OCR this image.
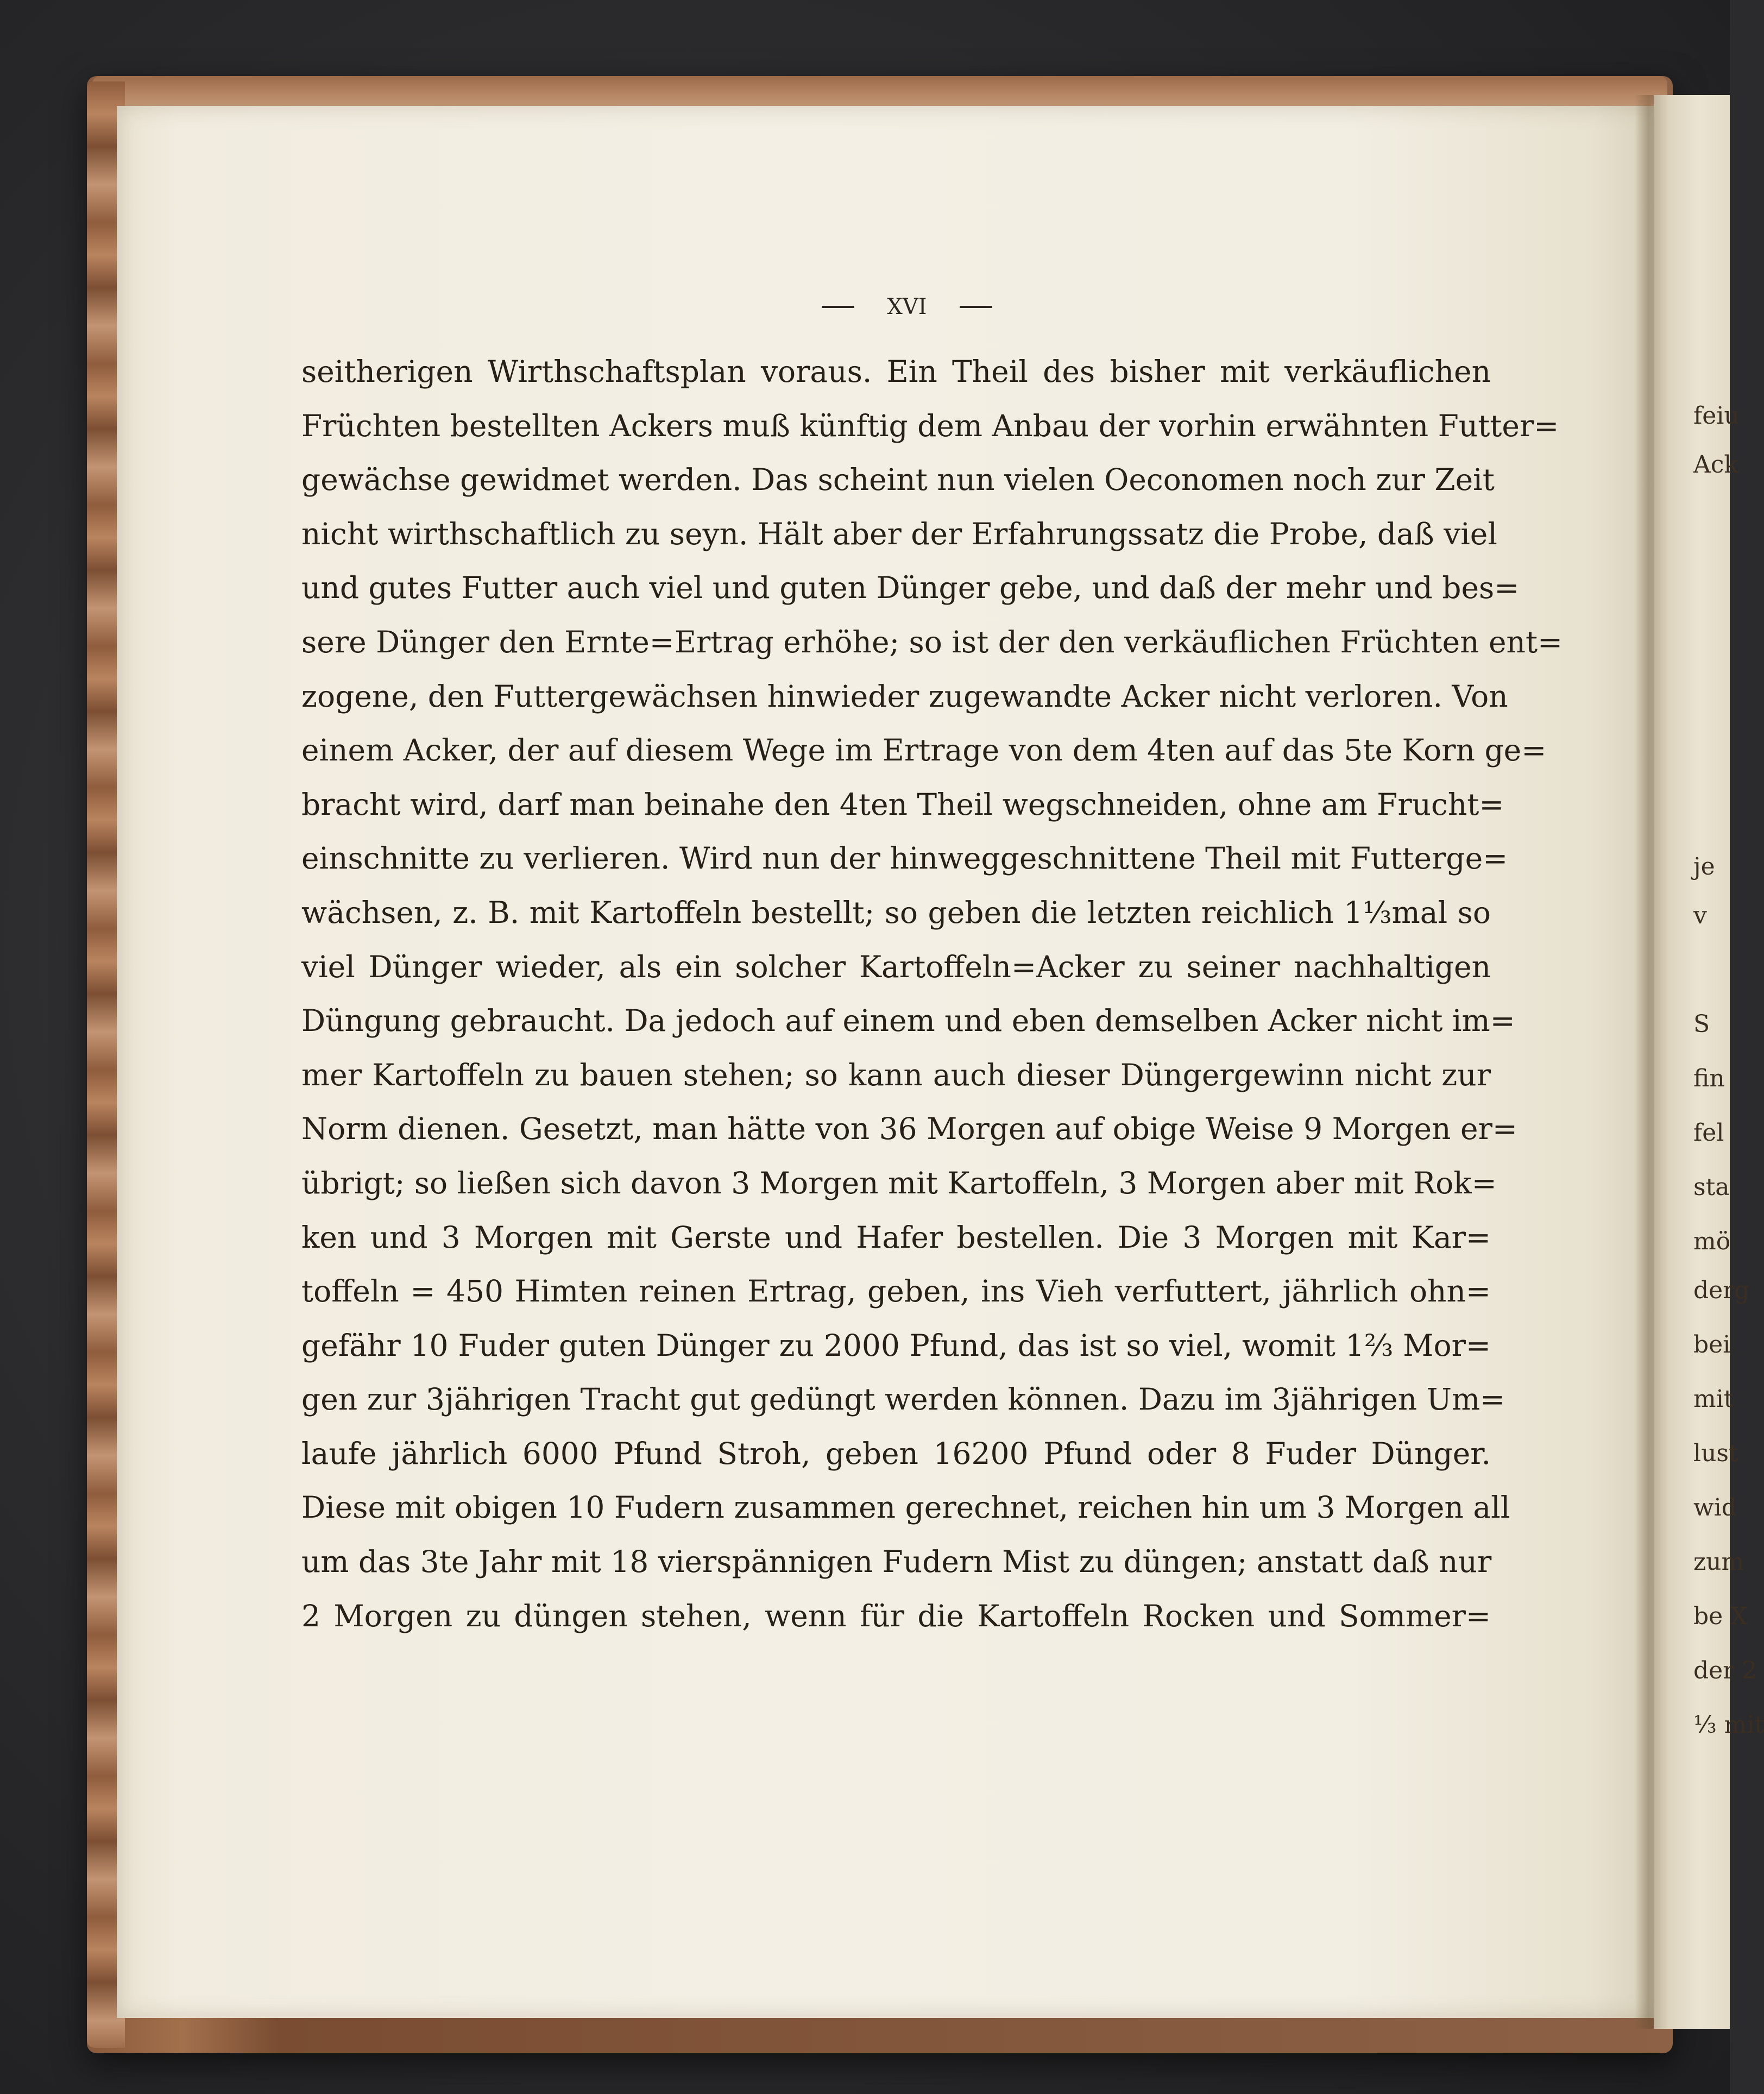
feiu
Ack
je
v
S
fin
fel
sta
mö
derg
bei
mit
lust
wid
zum
be X
der 2
⅓ mit
XVI
seitherigen Wirthschaftsplan voraus. Ein Theil des bisher mit verkäuflichen
Früchten bestellten Ackers muß künftig dem Anbau der vorhin erwähnten Futter=
gewächse gewidmet werden. Das scheint nun vielen Oeconomen noch zur Zeit
nicht wirthschaftlich zu seyn. Hält aber der Erfahrungssatz die Probe, daß viel
und gutes Futter auch viel und guten Dünger gebe, und daß der mehr und bes=
sere Dünger den Ernte=Ertrag erhöhe; so ist der den verkäuflichen Früchten ent=
zogene, den Futtergewächsen hinwieder zugewandte Acker nicht verloren. Von
einem Acker, der auf diesem Wege im Ertrage von dem 4ten auf das 5te Korn ge=
bracht wird, darf man beinahe den 4ten Theil wegschneiden, ohne am Frucht=
einschnitte zu verlieren. Wird nun der hinweggeschnittene Theil mit Futterge=
wächsen, z. B. mit Kartoffeln bestellt; so geben die letzten reichlich 1⅓mal so
viel Dünger wieder, als ein solcher Kartoffeln=Acker zu seiner nachhaltigen
Düngung gebraucht. Da jedoch auf einem und eben demselben Acker nicht im=
mer Kartoffeln zu bauen stehen; so kann auch dieser Düngergewinn nicht zur
Norm dienen. Gesetzt, man hätte von 36 Morgen auf obige Weise 9 Morgen er=
übrigt; so ließen sich davon 3 Morgen mit Kartoffeln, 3 Morgen aber mit Rok=
ken und 3 Morgen mit Gerste und Hafer bestellen. Die 3 Morgen mit Kar=
toffeln = 450 Himten reinen Ertrag, geben, ins Vieh verfuttert, jährlich ohn=
gefähr 10 Fuder guten Dünger zu 2000 Pfund, das ist so viel, womit 1⅔ Mor=
gen zur 3jährigen Tracht gut gedüngt werden können. Dazu im 3jährigen Um=
laufe jährlich 6000 Pfund Stroh, geben 16200 Pfund oder 8 Fuder Dünger.
Diese mit obigen 10 Fudern zusammen gerechnet, reichen hin um 3 Morgen all
um das 3te Jahr mit 18 vierspännigen Fudern Mist zu düngen; anstatt daß nur
2 Morgen zu düngen stehen, wenn für die Kartoffeln Rocken und Sommer=
